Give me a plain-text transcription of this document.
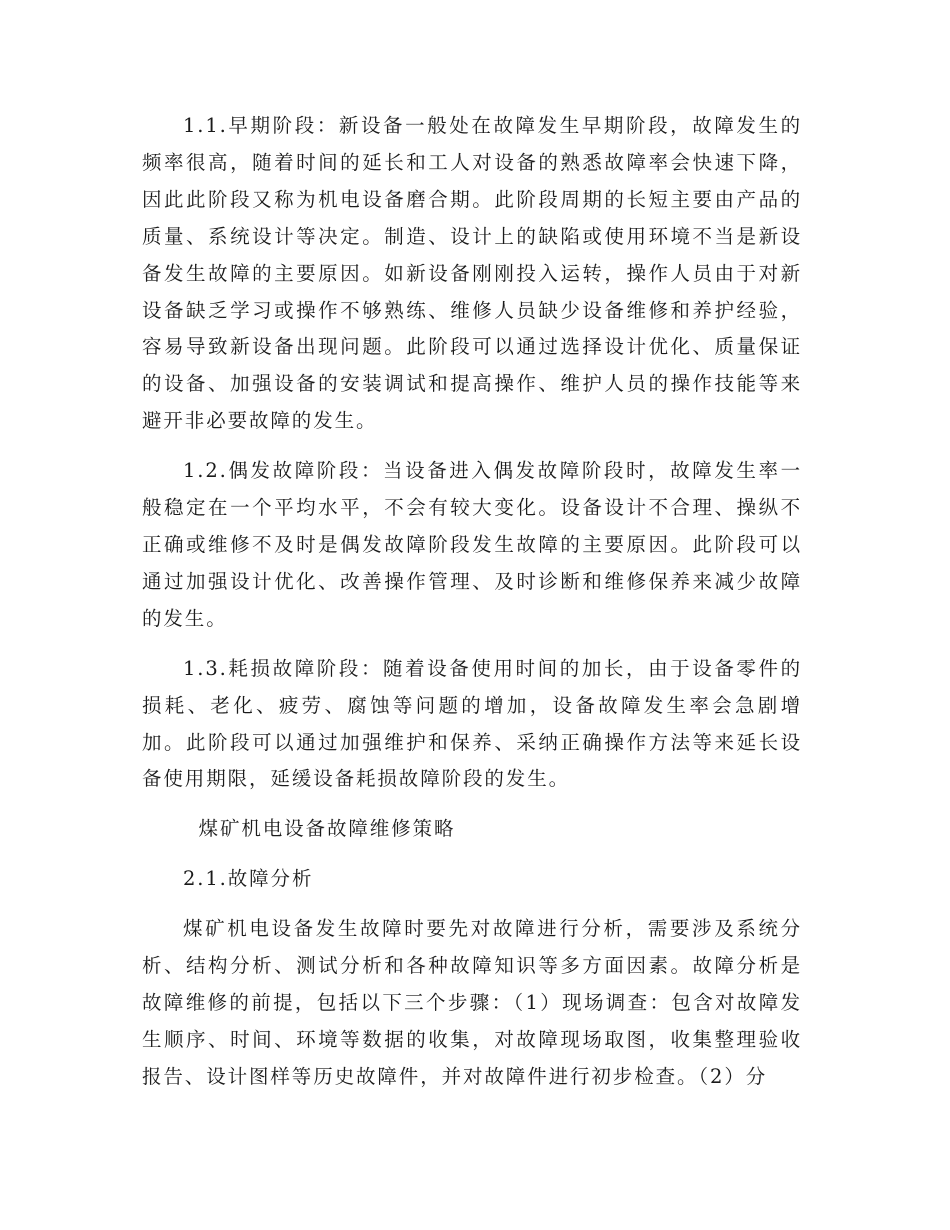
1.1.早期阶段：新设备一般处在故障发生早期阶段，故障发生的频率很高，随着时间的延长和工人对设备的熟悉故障率会快速下降，因此此阶段又称为机电设备磨合期。此阶段周期的长短主要由产品的质量、系统设计等决定。制造、设计上的缺陷或使用环境不当是新设备发生故障的主要原因。如新设备刚刚投入运转，操作人员由于对新设备缺乏学习或操作不够熟练、维修人员缺少设备维修和养护经验，容易导致新设备出现问题。此阶段可以通过选择设计优化、质量保证的设备、加强设备的安装调试和提高操作、维护人员的操作技能等来避开非必要故障的发生。

1.2.偶发故障阶段：当设备进入偶发故障阶段时，故障发生率一般稳定在一个平均水平，不会有较大变化。设备设计不合理、操纵不正确或维修不及时是偶发故障阶段发生故障的主要原因。此阶段可以通过加强设计优化、改善操作管理、及时诊断和维修保养来减少故障的发生。

1.3.耗损故障阶段：随着设备使用时间的加长，由于设备零件的损耗、老化、疲劳、腐蚀等问题的增加，设备故障发生率会急剧增加。此阶段可以通过加强维护和保养、采纳正确操作方法等来延长设备使用期限，延缓设备耗损故障阶段的发生。

煤矿机电设备故障维修策略

2.1.故障分析

煤矿机电设备发生故障时要先对故障进行分析，需要涉及系统分析、结构分析、测试分析和各种故障知识等多方面因素。故障分析是故障维修的前提，包括以下三个步骤：（1）现场调查：包含对故障发生顺序、时间、环境等数据的收集，对故障现场取图，收集整理验收报告、设计图样等历史故障件，并对故障件进行初步检查。（2）分
